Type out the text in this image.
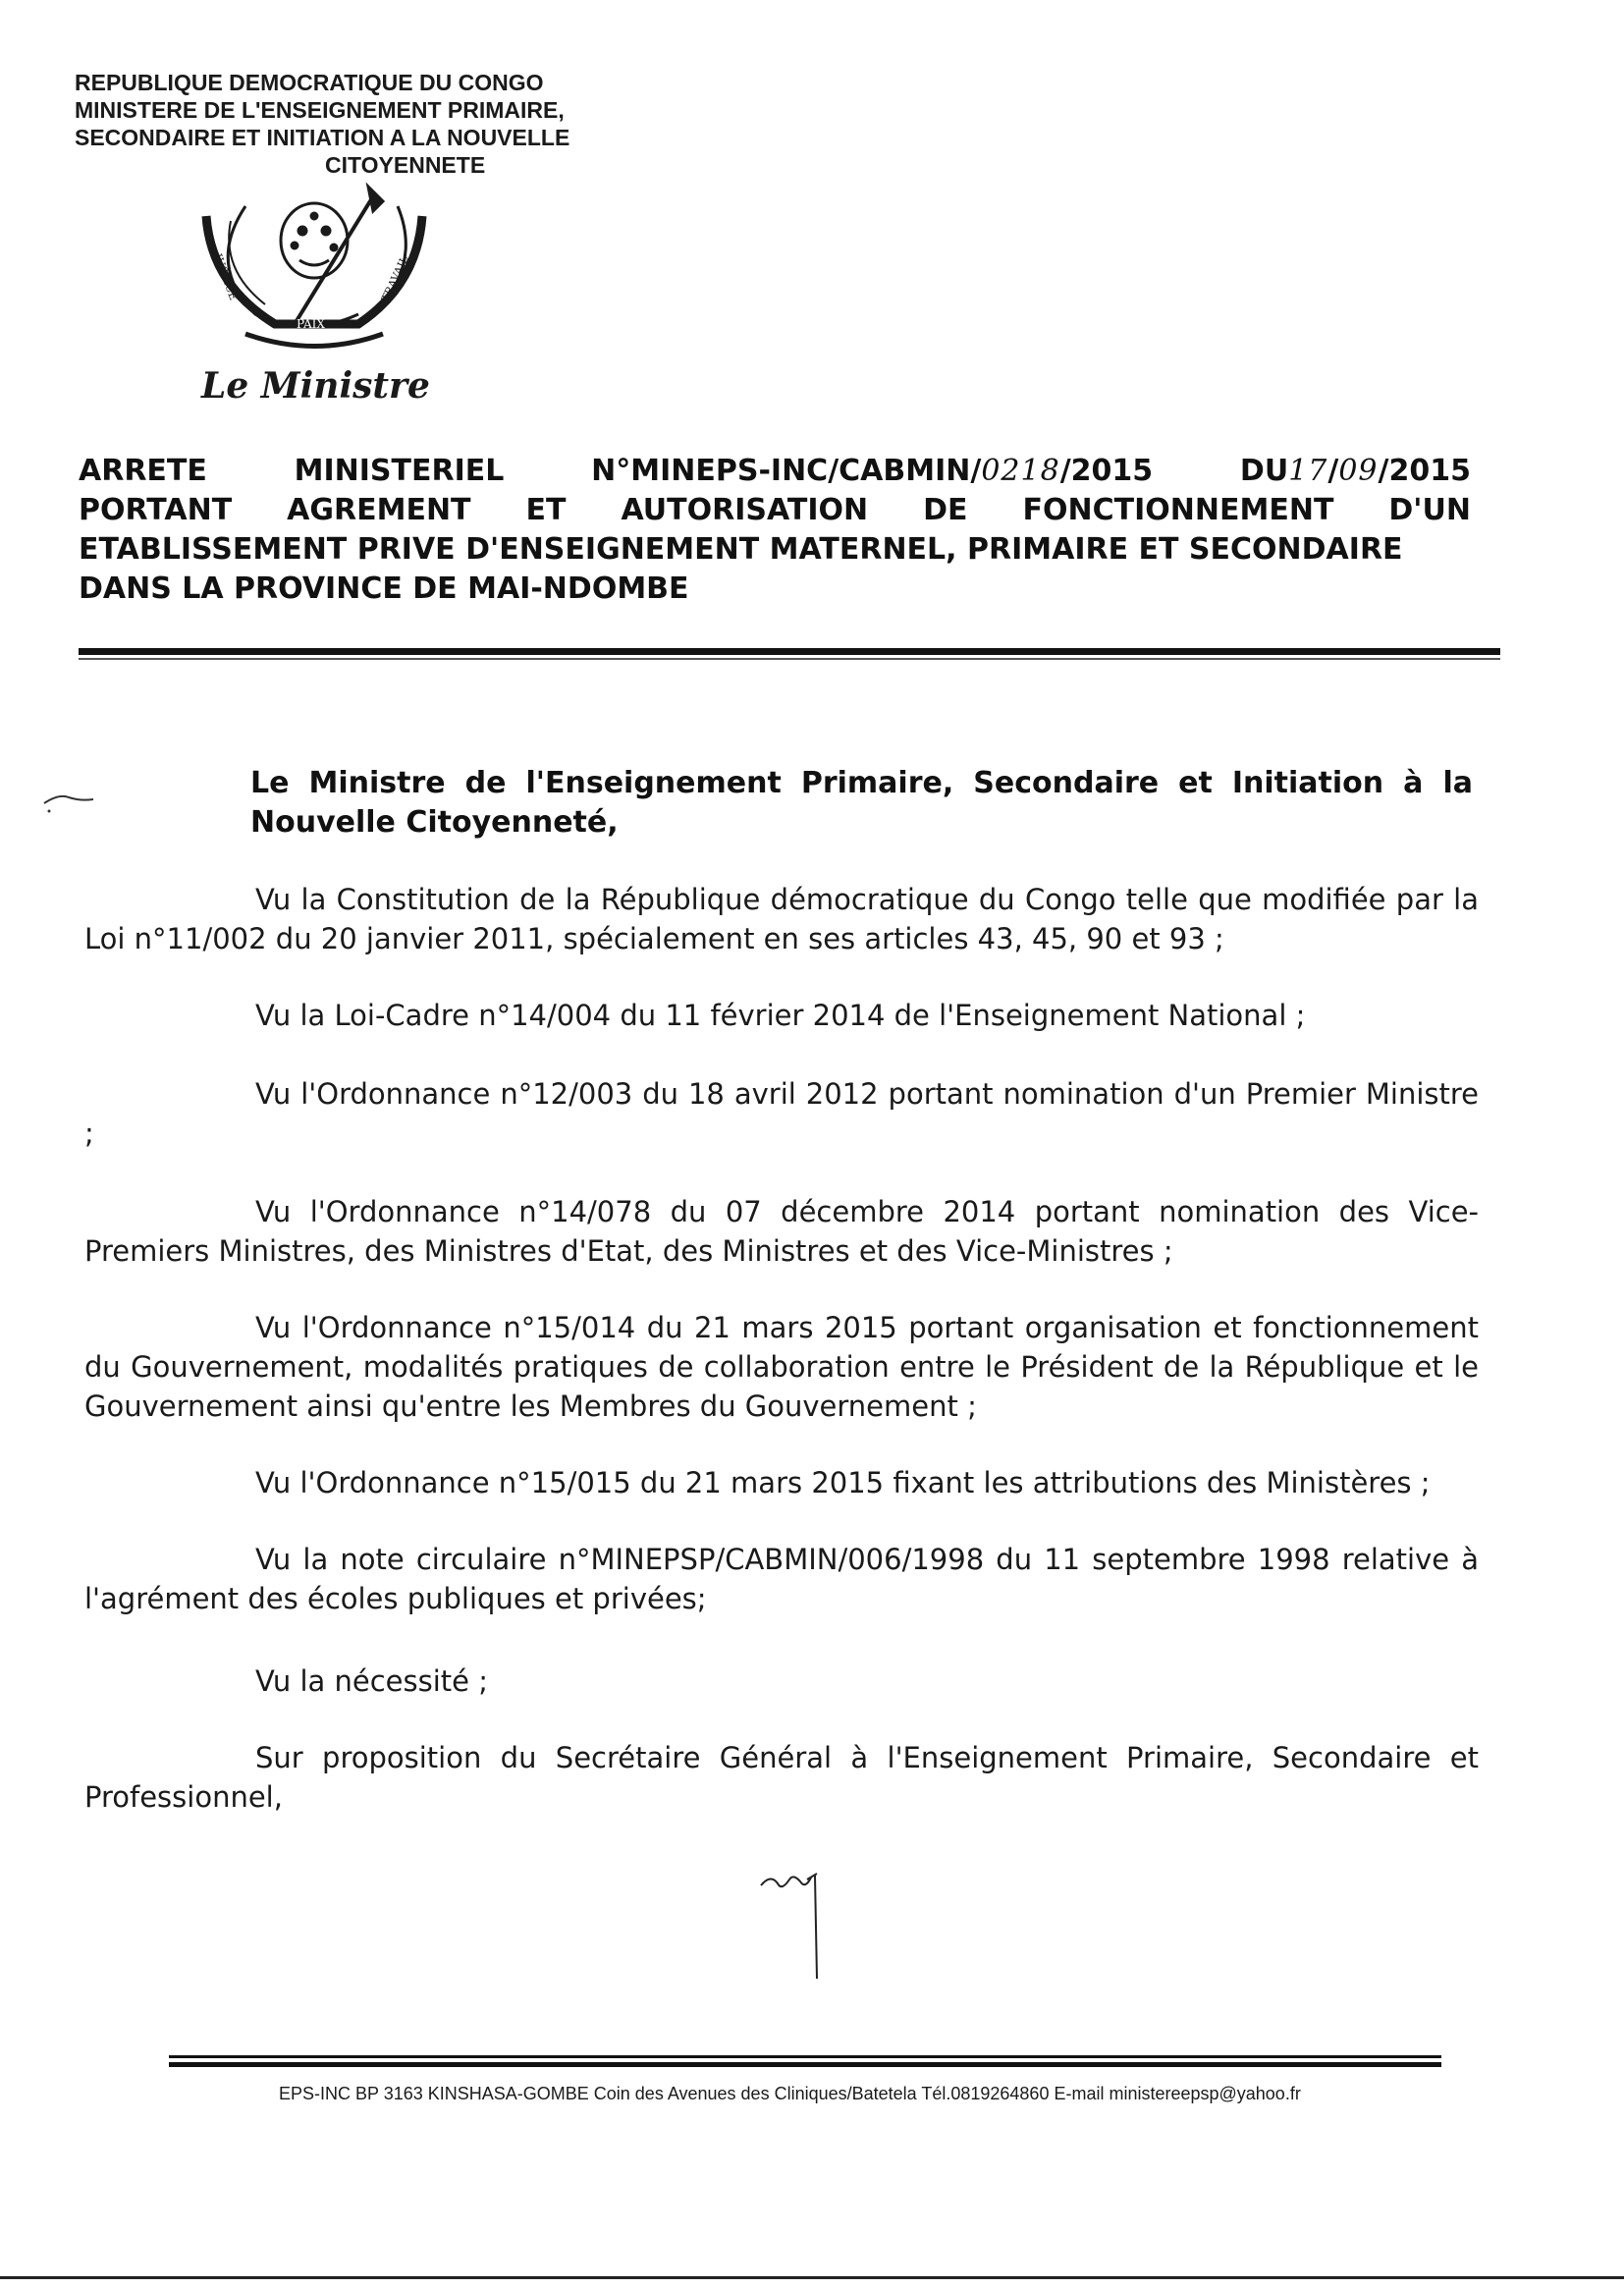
REPUBLIQUE DEMOCRATIQUE DU CONGO
MINISTERE DE L'ENSEIGNEMENT PRIMAIRE,
SECONDAIRE ET INITIATION A LA NOUVELLE
CITOYENNETE
JUSTICE
PAIX
TRAVAIL
Le Ministre
ARRETE	MINISTERIEL	N°MINEPS-INC/CABMIN/0218/2015	DU17/09/2015
PORTANT AGREMENT ET AUTORISATION DE FONCTIONNEMENT D'UN
ETABLISSEMENT PRIVE D'ENSEIGNEMENT MATERNEL, PRIMAIRE ET SECONDAIRE
DANS LA PROVINCE DE MAI-NDOMBE
Le Ministre de l'Enseignement Primaire, Secondaire et Initiation à la Nouvelle Citoyenneté,
Vu la Constitution de la République démocratique du Congo telle que modifiée par la Loi n°11/002 du 20 janvier 2011, spécialement en ses articles 43, 45, 90 et 93 ;
Vu la Loi-Cadre n°14/004 du 11 février 2014 de l'Enseignement National ;
Vu l'Ordonnance n°12/003 du 18 avril 2012 portant nomination d'un Premier Ministre ;
Vu l'Ordonnance n°14/078 du 07 décembre 2014 portant nomination des Vice-Premiers Ministres, des Ministres d'Etat, des Ministres et des Vice-Ministres ;
Vu l'Ordonnance n°15/014 du 21 mars 2015 portant organisation et fonctionnement du Gouvernement, modalités pratiques de collaboration entre le Président de la République et le Gouvernement ainsi qu'entre les Membres du Gouvernement ;
Vu l'Ordonnance n°15/015 du 21 mars 2015 fixant les attributions des Ministères ;
Vu la note circulaire n°MINEPSP/CABMIN/006/1998 du 11 septembre 1998 relative à l'agrément des écoles publiques et privées;
Vu la nécessité ;
Sur proposition du Secrétaire Général à l'Enseignement Primaire, Secondaire et Professionnel,
EPS-INC BP 3163 KINSHASA-GOMBE Coin des Avenues des Cliniques/Batetela Tél.0819264860 E-mail ministereepsp@yahoo.fr
